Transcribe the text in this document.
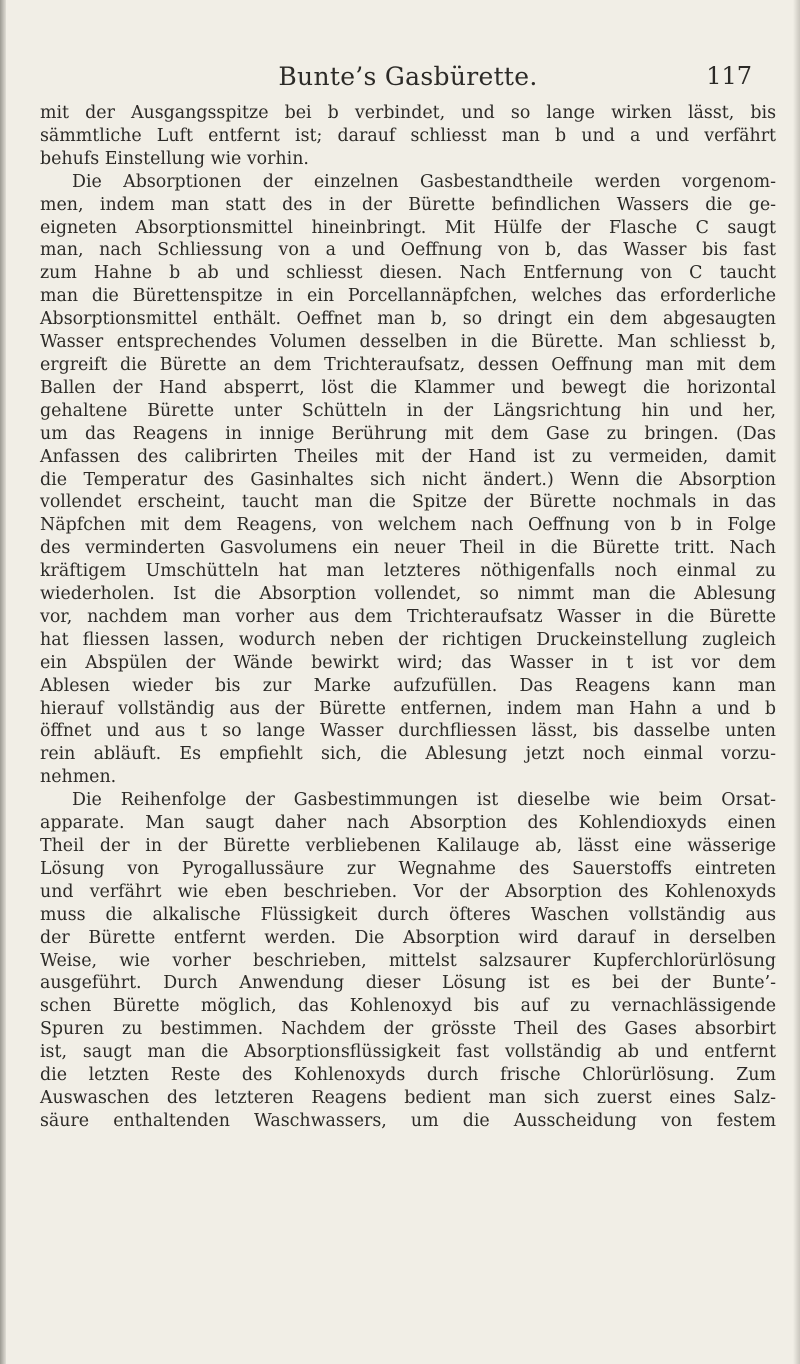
Bunte’s Gasbürette.	117

mit der Ausgangsspitze bei b verbindet, und so lange wirken lässt, bis
sämmtliche Luft entfernt ist; darauf schliesst man b und a und verfährt
behufs Einstellung wie vorhin.

Die Absorptionen der einzelnen Gasbestandtheile werden vorgenom-
men, indem man statt des in der Bürette befindlichen Wassers die ge-
eigneten Absorptionsmittel hineinbringt. Mit Hülfe der Flasche C saugt
man, nach Schliessung von a und Oeffnung von b, das Wasser bis fast
zum Hahne b ab und schliesst diesen. Nach Entfernung von C taucht
man die Bürettenspitze in ein Porcellannäpfchen, welches das erforderliche
Absorptionsmittel enthält. Oeffnet man b, so dringt ein dem abgesaugten
Wasser entsprechendes Volumen desselben in die Bürette. Man schliesst b,
ergreift die Bürette an dem Trichteraufsatz, dessen Oeffnung man mit dem
Ballen der Hand absperrt, löst die Klammer und bewegt die horizontal
gehaltene Bürette unter Schütteln in der Längsrichtung hin und her,
um das Reagens in innige Berührung mit dem Gase zu bringen. (Das
Anfassen des calibrirten Theiles mit der Hand ist zu vermeiden, damit
die Temperatur des Gasinhaltes sich nicht ändert.) Wenn die Absorption
vollendet erscheint, taucht man die Spitze der Bürette nochmals in das
Näpfchen mit dem Reagens, von welchem nach Oeffnung von b in Folge
des verminderten Gasvolumens ein neuer Theil in die Bürette tritt. Nach
kräftigem Umschütteln hat man letzteres nöthigenfalls noch einmal zu
wiederholen. Ist die Absorption vollendet, so nimmt man die Ablesung
vor, nachdem man vorher aus dem Trichteraufsatz Wasser in die Bürette
hat fliessen lassen, wodurch neben der richtigen Druckeinstellung zugleich
ein Abspülen der Wände bewirkt wird; das Wasser in t ist vor dem
Ablesen wieder bis zur Marke aufzufüllen. Das Reagens kann man
hierauf vollständig aus der Bürette entfernen, indem man Hahn a und b
öffnet und aus t so lange Wasser durchfliessen lässt, bis dasselbe unten
rein abläuft. Es empfiehlt sich, die Ablesung jetzt noch einmal vorzu-
nehmen.

Die Reihenfolge der Gasbestimmungen ist dieselbe wie beim Orsat-
apparate. Man saugt daher nach Absorption des Kohlendioxyds einen
Theil der in der Bürette verbliebenen Kalilauge ab, lässt eine wässerige
Lösung von Pyrogallussäure zur Wegnahme des Sauerstoffs eintreten
und verfährt wie eben beschrieben. Vor der Absorption des Kohlenoxyds
muss die alkalische Flüssigkeit durch öfteres Waschen vollständig aus
der Bürette entfernt werden. Die Absorption wird darauf in derselben
Weise, wie vorher beschrieben, mittelst salzsaurer Kupferchlorürlösung
ausgeführt. Durch Anwendung dieser Lösung ist es bei der Bunte’-
schen Bürette möglich, das Kohlenoxyd bis auf zu vernachlässigende
Spuren zu bestimmen. Nachdem der grösste Theil des Gases absorbirt
ist, saugt man die Absorptionsflüssigkeit fast vollständig ab und entfernt
die letzten Reste des Kohlenoxyds durch frische Chlorürlösung. Zum
Auswaschen des letzteren Reagens bedient man sich zuerst eines Salz-
säure enthaltenden Waschwassers, um die Ausscheidung von festem
